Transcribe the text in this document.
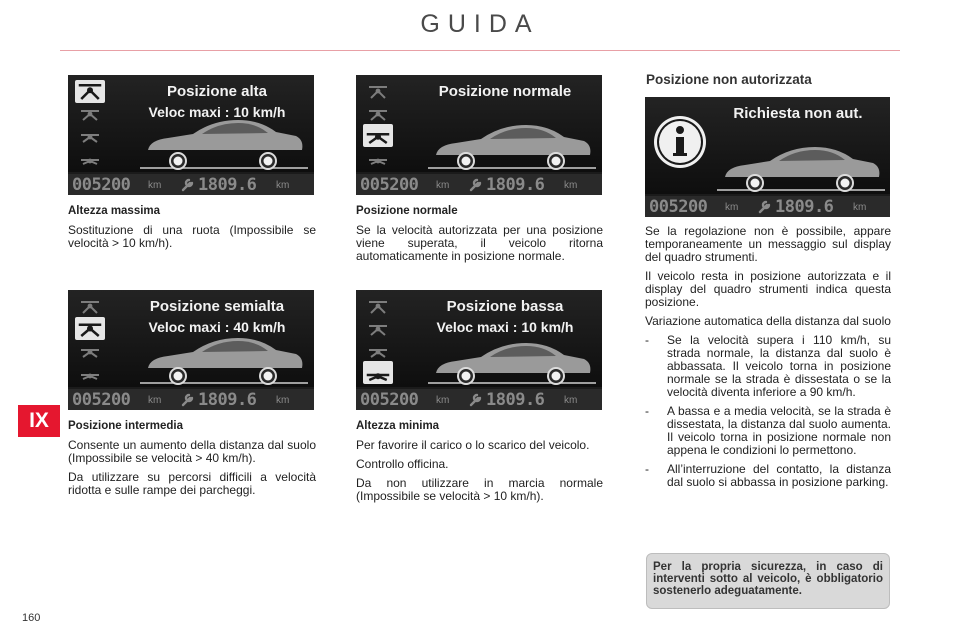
GUIDA
Posizione alta
Veloc maxi : 10 km/h
005200 km 1809.6 km
Posizione normale
005200 km 1809.6 km
Richiesta non aut.
005200 km 1809.6 km
Posizione semialta
Veloc maxi : 40 km/h
005200 km 1809.6 km
Posizione bassa
Veloc maxi : 10 km/h
005200 km 1809.6 km
Altezza massima

Sostituzione di una ruota (Impossibile se velocità > 10 km/h).

Posizione normale

Se la velocità autorizzata per una posizione viene superata, il veicolo ritorna automaticamente in posizione normale.

Posizione intermedia

Consente un aumento della distanza dal suolo (Impossibile se velocità > 40 km/h).

Da utilizzare su percorsi difficili a velocità ridotta e sulle rampe dei parcheggi.

Altezza minima

Per favorire il carico o lo scarico del veicolo.

Controllo officina.

Da non utilizzare in marcia normale (Impossibile se velocità > 10 km/h).

Posizione non autorizzata

Se la regolazione non è possibile, appare temporaneamente un messaggio sul display del quadro strumenti.

Il veicolo resta in posizione autorizzata e il display del quadro strumenti indica questa posizione.

Variazione automatica della distanza dal suolo

- Se la velocità supera i 110 km/h, su strada normale, la distanza dal suolo è abbassata. Il veicolo torna in posizione normale se la strada è dissestata o se la velocità diventa inferiore a 90 km/h.
- A bassa e a media velocità, se la strada è dissestata, la distanza dal suolo aumenta. Il veicolo torna in posizione normale non appena le condizioni lo permettono.
- All’interruzione del contatto, la distanza dal suolo si abbassa in posizione parking.
Per la propria sicurezza, in caso di interventi sotto al veicolo, è obbligatorio sostenerlo adeguatamente.
IX
160
